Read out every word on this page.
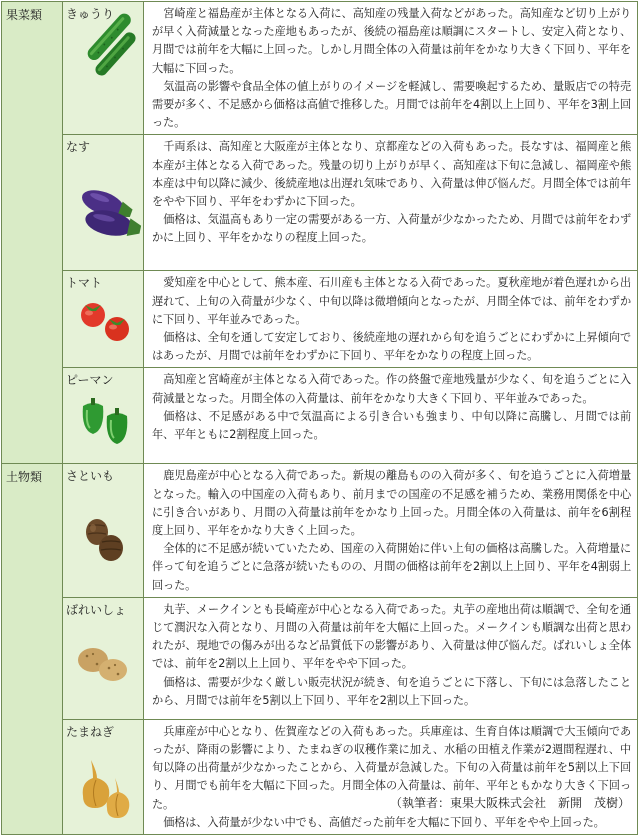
果菜類	きゅうり	宮崎産と福島産が主体となる入荷に、高知産の残量入荷などがあった。高知産など切り上がりが早く入荷減量となった産地もあったが、後続の福島産は順調にスタートし、安定入荷となり、月間では前年を大幅に上回った。しかし月間全体の入荷量は前年をかなり大きく下回り、平年を大幅に下回った。

気温高の影響や食品全体の値上がりのイメージを軽減し、需要喚起するため、量販店での特売需要が多く、不足感から価格は高値で推移した。月間では前年を4割以上上回り、平年を3割上回った。

	なす	千両系は、高知産と大阪産が主体となり、京都産などの入荷もあった。長なすは、福岡産と熊本産が主体となる入荷であった。残量の切り上がりが早く、高知産は下旬に急減し、福岡産や熊本産は中旬以降に減少、後続産地は出遅れ気味であり、入荷量は伸び悩んだ。月間全体では前年をやや下回り、平年をわずかに下回った。

価格は、気温高もあり一定の需要がある一方、入荷量が少なかったため、月間では前年をわずかに上回り、平年をかなりの程度上回った。

	トマト	愛知産を中心として、熊本産、石川産も主体となる入荷であった。夏秋産地が着色遅れから出遅れて、上旬の入荷量が少なく、中旬以降は微増傾向となったが、月間全体では、前年をわずかに下回り、平年並みであった。

価格は、全旬を通して安定しており、後続産地の遅れから旬を追うごとにわずかに上昇傾向ではあったが、月間では前年をわずかに下回り、平年をかなりの程度上回った。

	ピーマン	高知産と宮崎産が主体となる入荷であった。作の終盤で産地残量が少なく、旬を追うごとに入荷減量となった。月間全体の入荷量は、前年をかなり大きく下回り、平年並みであった。

価格は、不足感がある中で気温高による引き合いも強まり、中旬以降に高騰し、月間では前年、平年ともに2割程度上回った。

土物類	さといも	鹿児島産が中心となる入荷であった。新規の離島ものの入荷が多く、旬を追うごとに入荷増量となった。輸入の中国産の入荷もあり、前月までの国産の不足感を補うため、業務用関係を中心に引き合いがあり、月間の入荷量は前年をかなり上回った。月間全体の入荷量は、前年を6割程度上回り、平年をかなり大きく上回った。

全体的に不足感が続いていたため、国産の入荷開始に伴い上旬の価格は高騰した。入荷増量に伴って旬を追うごとに急落が続いたものの、月間の価格は前年を2割以上上回り、平年を4割弱上回った。

	ばれいしょ	丸芋、メークインとも長崎産が中心となる入荷であった。丸芋の産地出荷は順調で、全旬を通じて潤沢な入荷となり、月間の入荷量は前年を大幅に上回った。メークインも順調な出荷と思われたが、現地での傷みが出るなど品質低下の影響があり、入荷量は伸び悩んだ。ばれいしょ全体では、前年を2割以上上回り、平年をやや下回った。

価格は、需要が少なく厳しい販売状況が続き、旬を追うごとに下落し、下旬には急落したことから、月間では前年を5割以上下回り、平年を2割以上下回った。

	たまねぎ	兵庫産が中心となり、佐賀産などの入荷もあった。兵庫産は、生育自体は順調で大玉傾向であったが、降雨の影響により、たまねぎの収穫作業に加え、水稲の田植え作業が2週間程遅れ、中旬以降の出荷量が少なかったことから、入荷量が急減した。下旬の入荷量は前年を5割以上下回り、月間でも前年を大幅に下回った。月間全体の入荷量は、前年、平年ともかなり大きく下回った。

価格は、入荷量が少ない中でも、高値だった前年を大幅に下回り、平年をやや上回った。

（執筆者：東果大阪株式会社　新開　茂樹）
